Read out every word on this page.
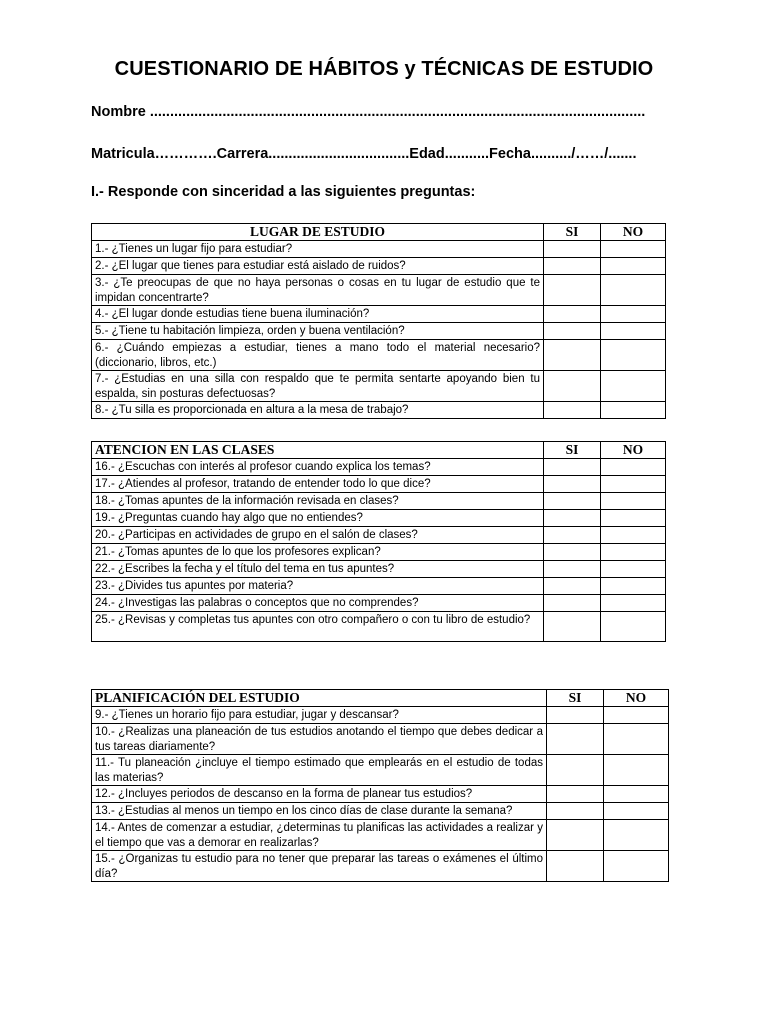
CUESTIONARIO DE HÁBITOS y TÉCNICAS DE ESTUDIO
Nombre ...........................................................................................................................
Matricula………….Carrera...................................Edad...........Fecha........../……/.......
I.- Responde con sinceridad a las siguientes preguntas:
LUGAR DE ESTUDIO	SI	NO
1.- ¿Tienes un lugar fijo para estudiar?		
2.- ¿El lugar que tienes para estudiar está aislado de ruidos?		
3.- ¿Te preocupas de que no haya personas o cosas en tu lugar de estudio que te impidan concentrarte?		
4.- ¿El lugar donde estudias tiene buena iluminación?		
5.- ¿Tiene tu habitación limpieza, orden y buena ventilación?		
6.- ¿Cuándo empiezas a estudiar, tienes a mano todo el material necesario? (diccionario, libros, etc.)		
7.- ¿Estudias en una silla con respaldo que te permita sentarte apoyando bien tu espalda, sin posturas defectuosas?		
8.- ¿Tu silla es proporcionada en altura a la mesa de trabajo?		
ATENCION EN LAS CLASES	SI	NO
16.- ¿Escuchas con interés al profesor cuando explica los temas?		
17.- ¿Atiendes al profesor, tratando de entender todo lo que dice?		
18.- ¿Tomas apuntes de la información revisada en clases?		
19.- ¿Preguntas cuando hay algo que no entiendes?		
20.- ¿Participas en actividades de grupo en el salón de clases?		
21.- ¿Tomas apuntes de lo que los profesores explican?		
22.- ¿Escribes la fecha y el título del tema en tus apuntes?		
23.- ¿Divides tus apuntes por materia?		
24.- ¿Investigas las palabras o conceptos que no comprendes?		
25.- ¿Revisas y completas tus apuntes con otro compañero o con tu libro de estudio?		
PLANIFICACIÓN DEL ESTUDIO	SI	NO
9.- ¿Tienes un horario fijo para estudiar, jugar y descansar?		
10.- ¿Realizas una planeación de tus estudios anotando el tiempo que debes dedicar a tus tareas diariamente?		
11.- Tu planeación ¿incluye el tiempo estimado que emplearás en el estudio de todas las materias?		
12.- ¿Incluyes periodos de descanso en la forma de planear tus estudios?		
13.- ¿Estudias al menos un tiempo en los cinco días de clase durante la semana?		
14.- Antes de comenzar a estudiar, ¿determinas tu planificas las actividades a realizar y el tiempo que vas a demorar en realizarlas?		
15.- ¿Organizas tu estudio para no tener que preparar las tareas o exámenes el último día?		
